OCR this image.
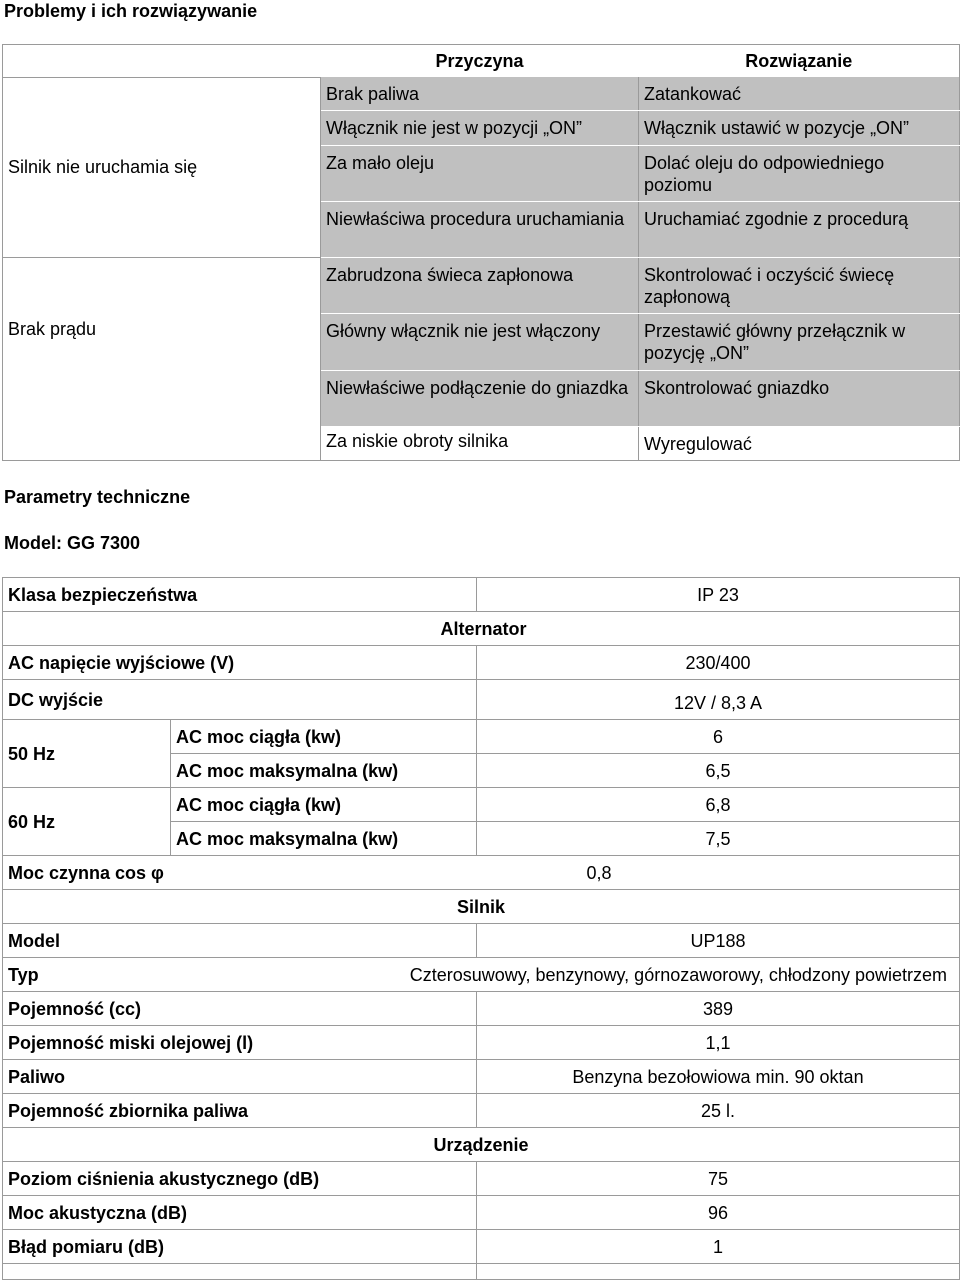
Problemy i ich rozwiązywanie
	Przyczyna	Rozwiązanie
Silnik nie uruchamia się	Brak paliwa	Zatankować
	Włącznik nie jest w pozycji „ON”	Włącznik ustawić w pozycje „ON”
	Za mało oleju	Dolać oleju do odpowiedniego poziomu
	Niewłaściwa procedura uruchamiania	Uruchamiać zgodnie z procedurą
Brak prądu	Zabrudzona świeca zapłonowa	Skontrolować i oczyścić świecę zapłonową
	Główny włącznik nie jest włączony	Przestawić główny przełącznik w pozycję „ON”
	Niewłaściwe podłączenie do gniazdka	Skontrolować gniazdko
	Za niskie obroty silnika	Wyregulować
Parametry techniczne
Model: GG 7300
Klasa bezpieczeństwa		IP 23
Alternator		
AC napięcie wyjściowe (V)		230/400
DC wyjście		12V / 8,3 A
50 Hz	AC moc ciągła (kw)	6
	AC moc maksymalna (kw)	6,5
60 Hz	AC moc ciągła (kw)	6,8
	AC moc maksymalna (kw)	7,5
Moc czynna cos φ		0,8
Silnik		
Model		UP188
Typ	Czterosuwowy, benzynowy, górnozaworowy, chłodzony powietrzem	
Pojemność (cc)		389
Pojemność miski olejowej (l)		1,1
Paliwo		Benzyna bezołowiowa min. 90 oktan
Pojemność zbiornika paliwa		25 l.
Urządzenie		
Poziom ciśnienia akustycznego (dB)		75
Moc akustyczna (dB)		96
Błąd pomiaru (dB)		1
